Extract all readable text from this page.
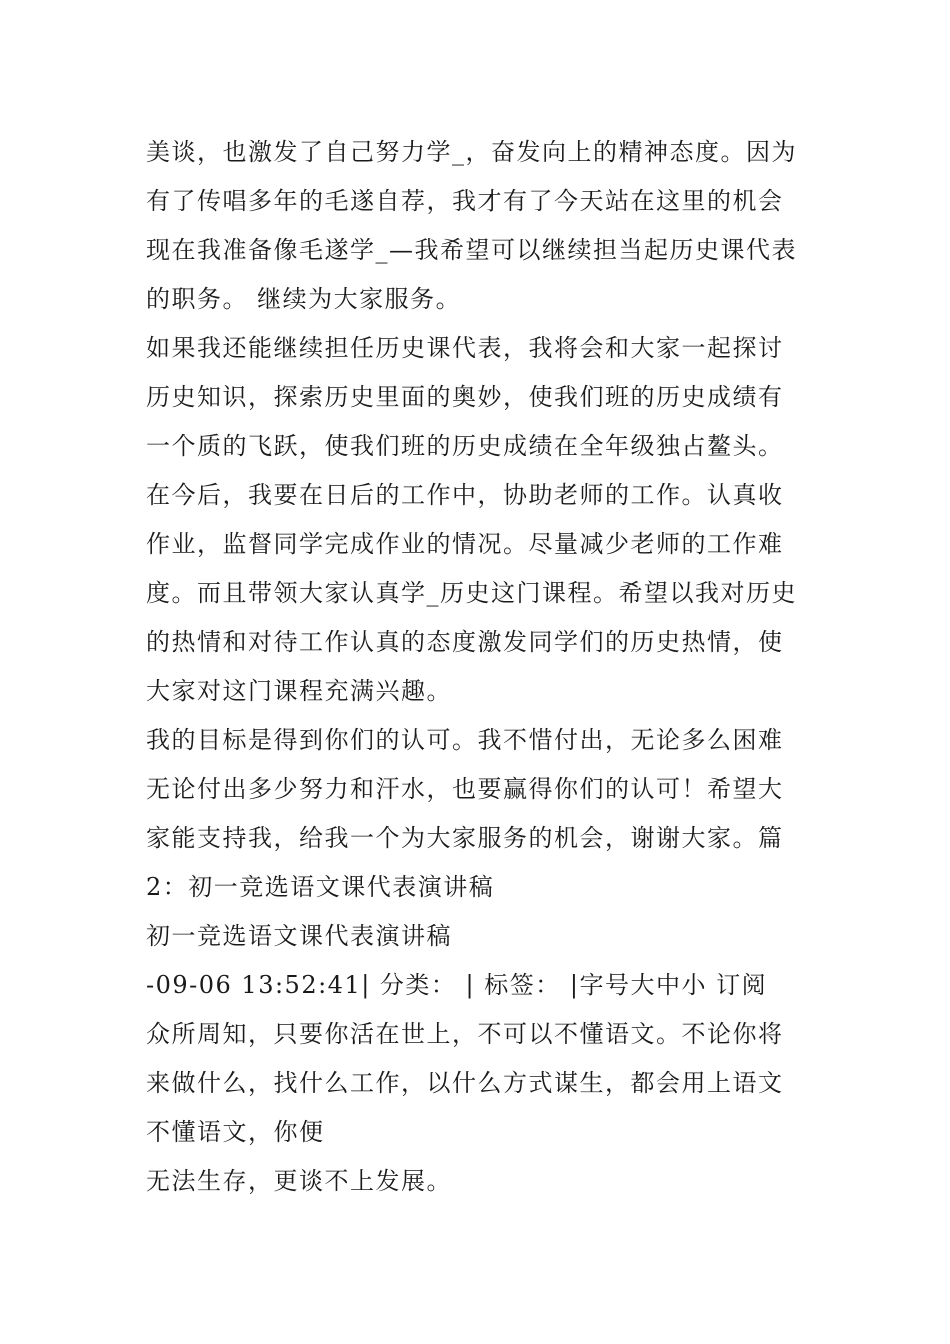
美谈，也激发了自己努力学_，奋发向上的精神态度。因为
有了传唱多年的毛遂自荐，我才有了今天站在这里的机会
现在我准备像毛遂学_—我希望可以继续担当起历史课代表
的职务。 继续为大家服务。
如果我还能继续担任历史课代表，我将会和大家一起探讨
历史知识，探索历史里面的奥妙，使我们班的历史成绩有
一个质的飞跃，使我们班的历史成绩在全年级独占鳌头。
在今后，我要在日后的工作中，协助老师的工作。认真收
作业，监督同学完成作业的情况。尽量减少老师的工作难
度。而且带领大家认真学_历史这门课程。希望以我对历史
的热情和对待工作认真的态度激发同学们的历史热情，使
大家对这门课程充满兴趣。
我的目标是得到你们的认可。我不惜付出，无论多么困难
无论付出多少努力和汗水，也要赢得你们的认可！希望大
家能支持我，给我一个为大家服务的机会，谢谢大家。篇
2：初一竞选语文课代表演讲稿
初一竞选语文课代表演讲稿
-09-06 13:52:41| 分类： | 标签： |字号大中小 订阅
众所周知，只要你活在世上，不可以不懂语文。不论你将
来做什么，找什么工作，以什么方式谋生，都会用上语文
不懂语文，你便
无法生存，更谈不上发展。
